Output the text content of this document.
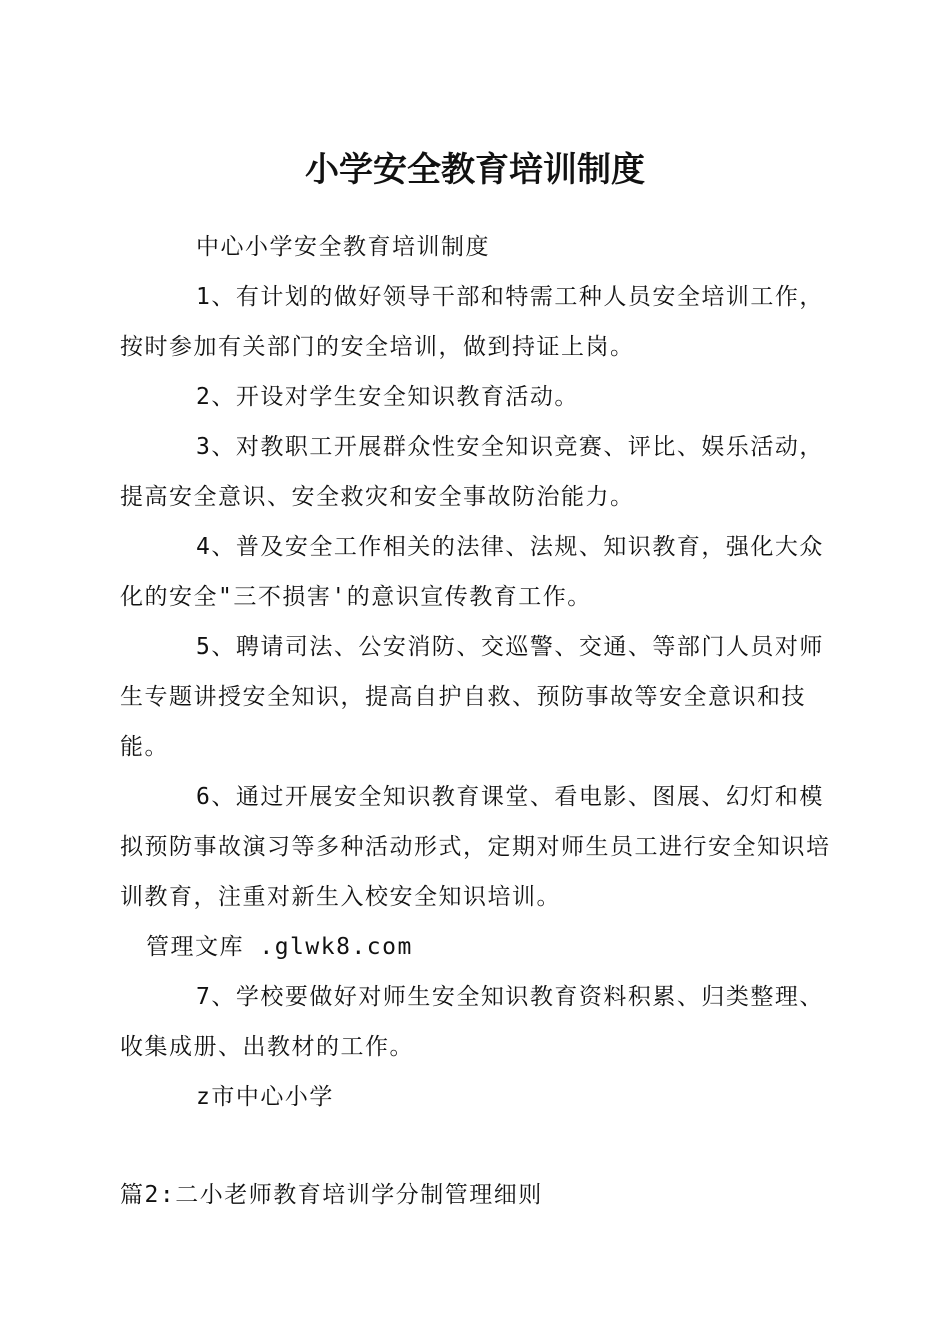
小学安全教育培训制度

中心小学安全教育培训制度

1、有计划的做好领导干部和特需工种人员安全培训工作，按时参加有关部门的安全培训，做到持证上岗。

2、开设对学生安全知识教育活动。

3、对教职工开展群众性安全知识竞赛、评比、娱乐活动，提高安全意识、安全救灾和安全事故防治能力。

4、普及安全工作相关的法律、法规、知识教育，强化大众化的安全"三不损害'的意识宣传教育工作。

5、聘请司法、公安消防、交巡警、交通、等部门人员对师生专题讲授安全知识，提高自护自救、预防事故等安全意识和技能。

6、通过开展安全知识教育课堂、看电影、图展、幻灯和模拟预防事故演习等多种活动形式，定期对师生员工进行安全知识培训教育，注重对新生入校安全知识培训。

管理文库 .glwk8.com

7、学校要做好对师生安全知识教育资料积累、归类整理、收集成册、出教材的工作。

z市中心小学

篇2:二小老师教育培训学分制管理细则
